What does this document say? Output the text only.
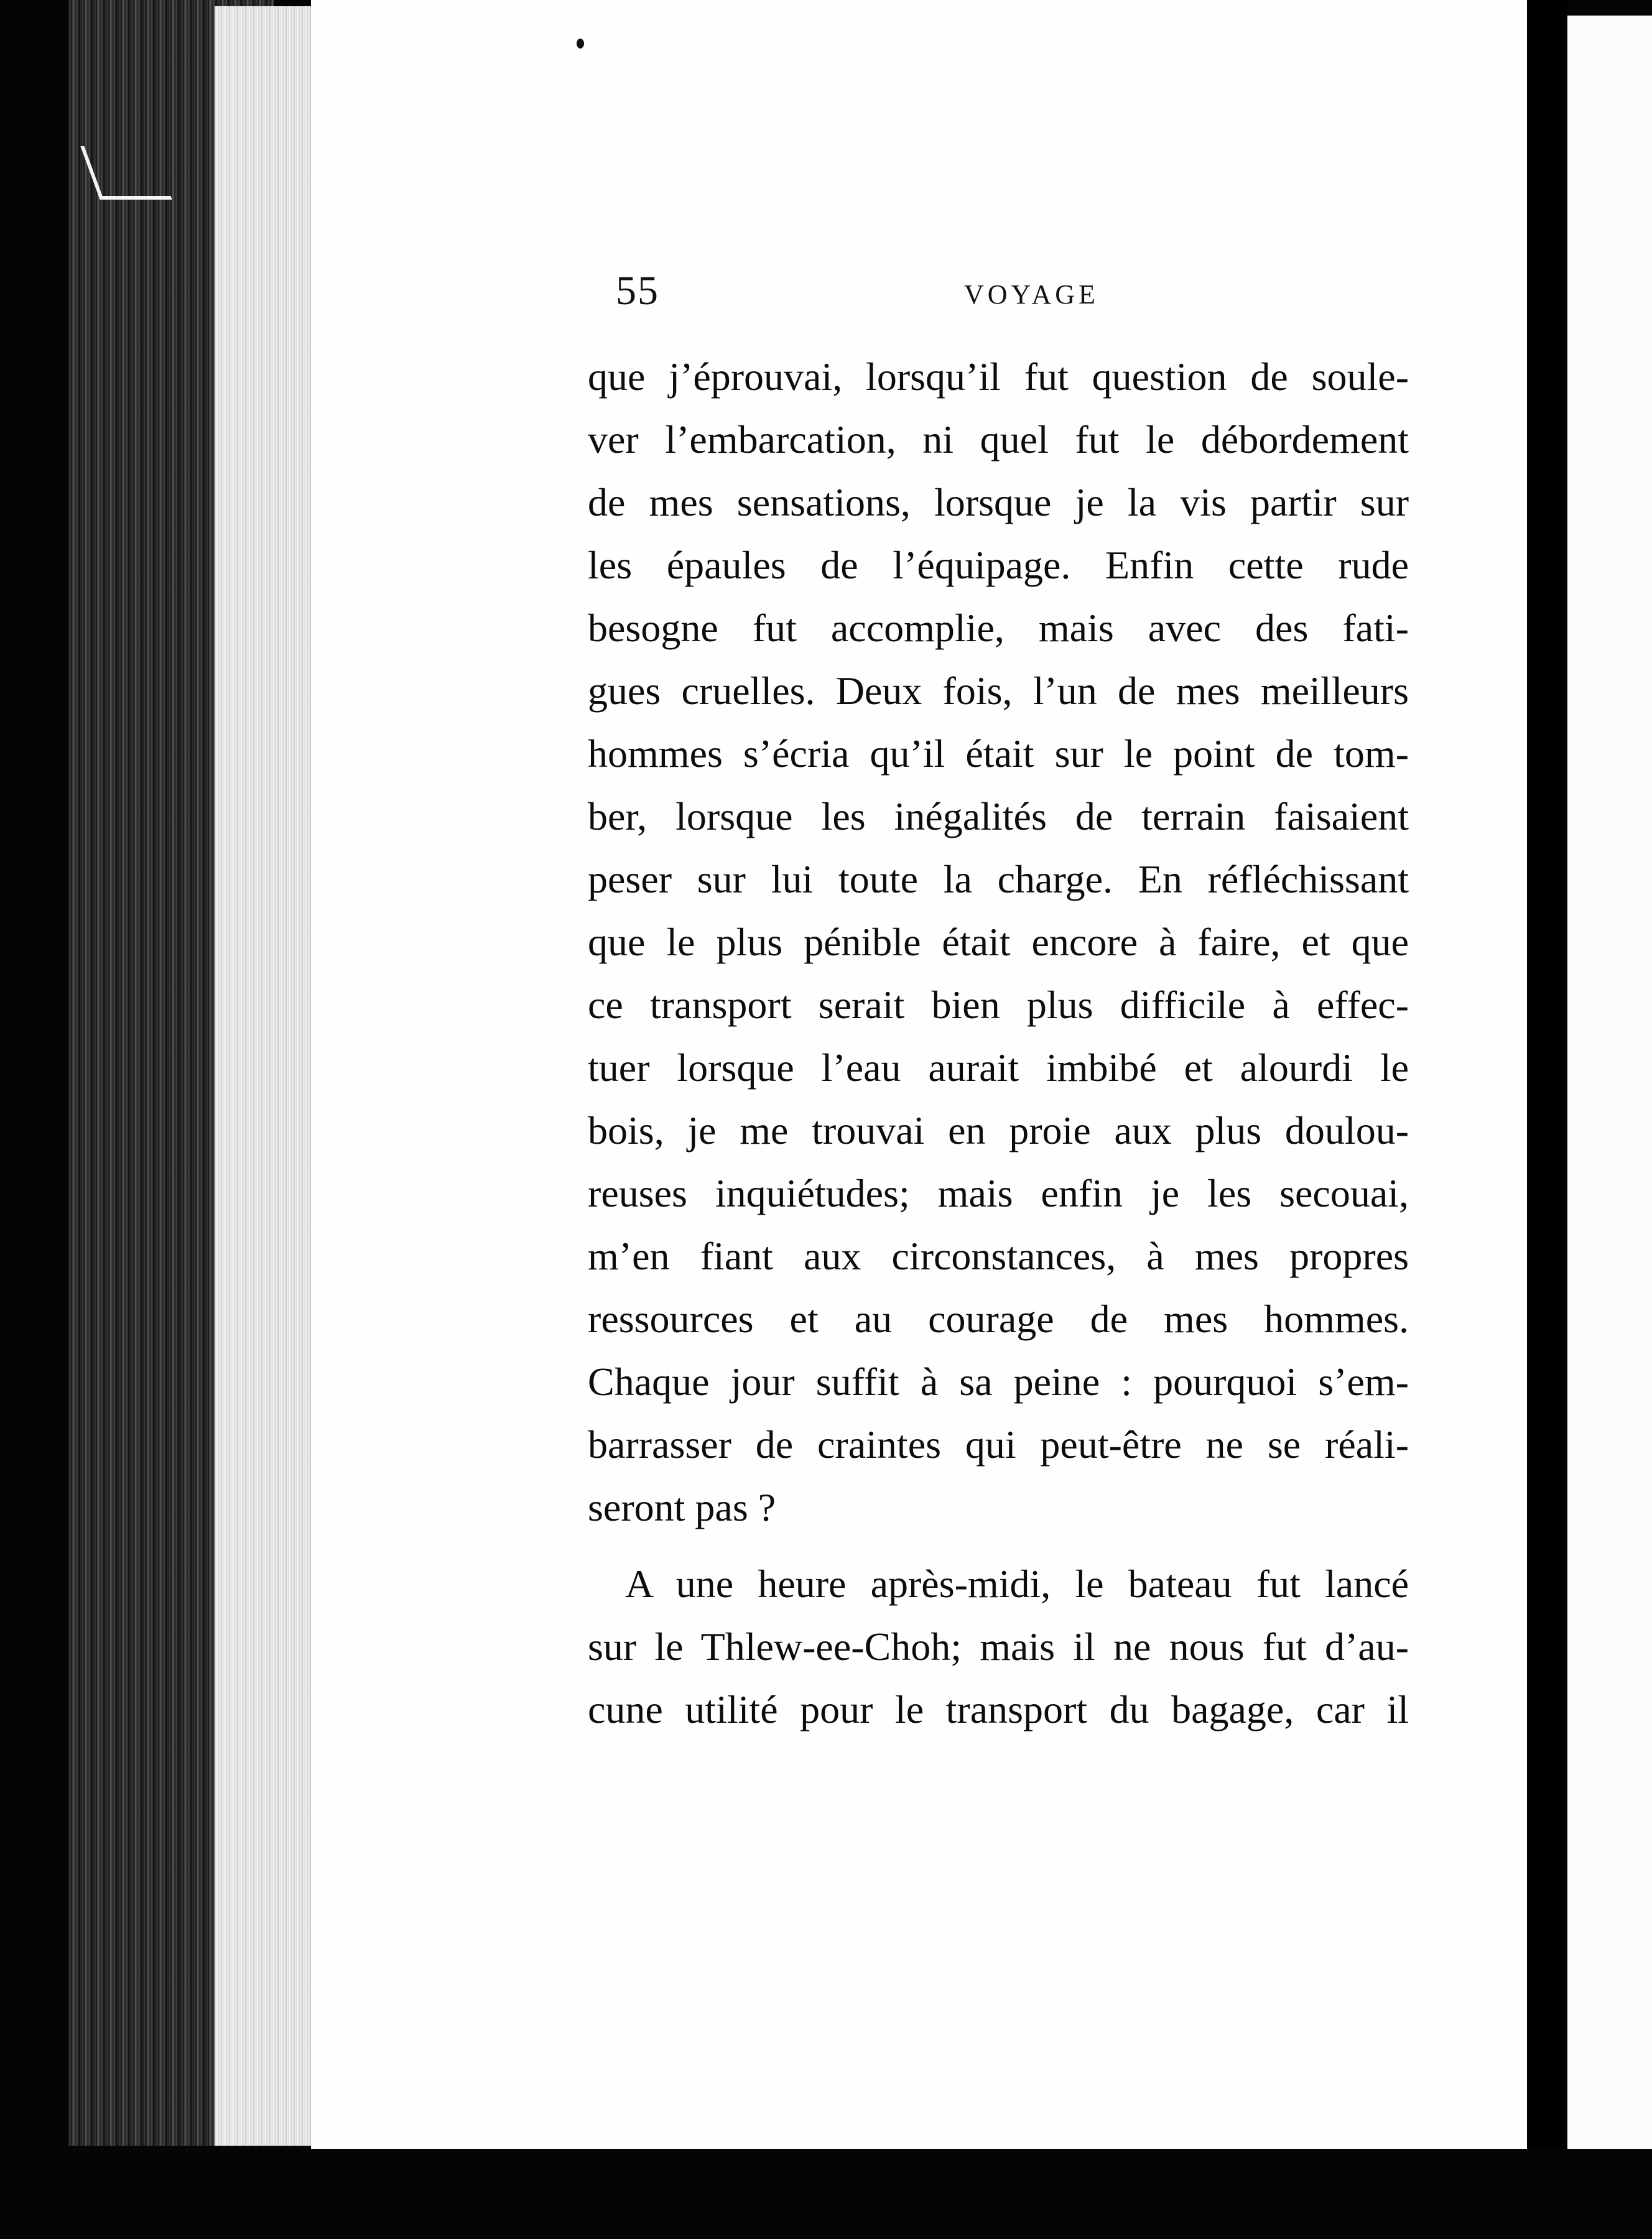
55	VOYAGE
que j’éprouvai, lorsqu’il fut question de soule-
ver l’embarcation, ni quel fut le débordement
de mes sensations, lorsque je la vis partir sur
les épaules de l’équipage. Enfin cette rude
besogne fut accomplie, mais avec des fati-
gues cruelles. Deux fois, l’un de mes meilleurs
hommes s’écria qu’il était sur le point de tom-
ber, lorsque les inégalités de terrain faisaient
peser sur lui toute la charge. En réfléchissant
que le plus pénible était encore à faire, et que
ce transport serait bien plus difficile à effec-
tuer lorsque l’eau aurait imbibé et alourdi le
bois, je me trouvai en proie aux plus doulou-
reuses inquiétudes; mais enfin je les secouai,
m’en fiant aux circonstances, à mes propres
ressources et au courage de mes hommes.
Chaque jour suffit à sa peine : pourquoi s’em-
barrasser de craintes qui peut-être ne se réali-
seront pas ?
A une heure après-midi, le bateau fut lancé
sur le Thlew-ee-Choh; mais il ne nous fut d’au-
cune utilité pour le transport du bagage, car il
